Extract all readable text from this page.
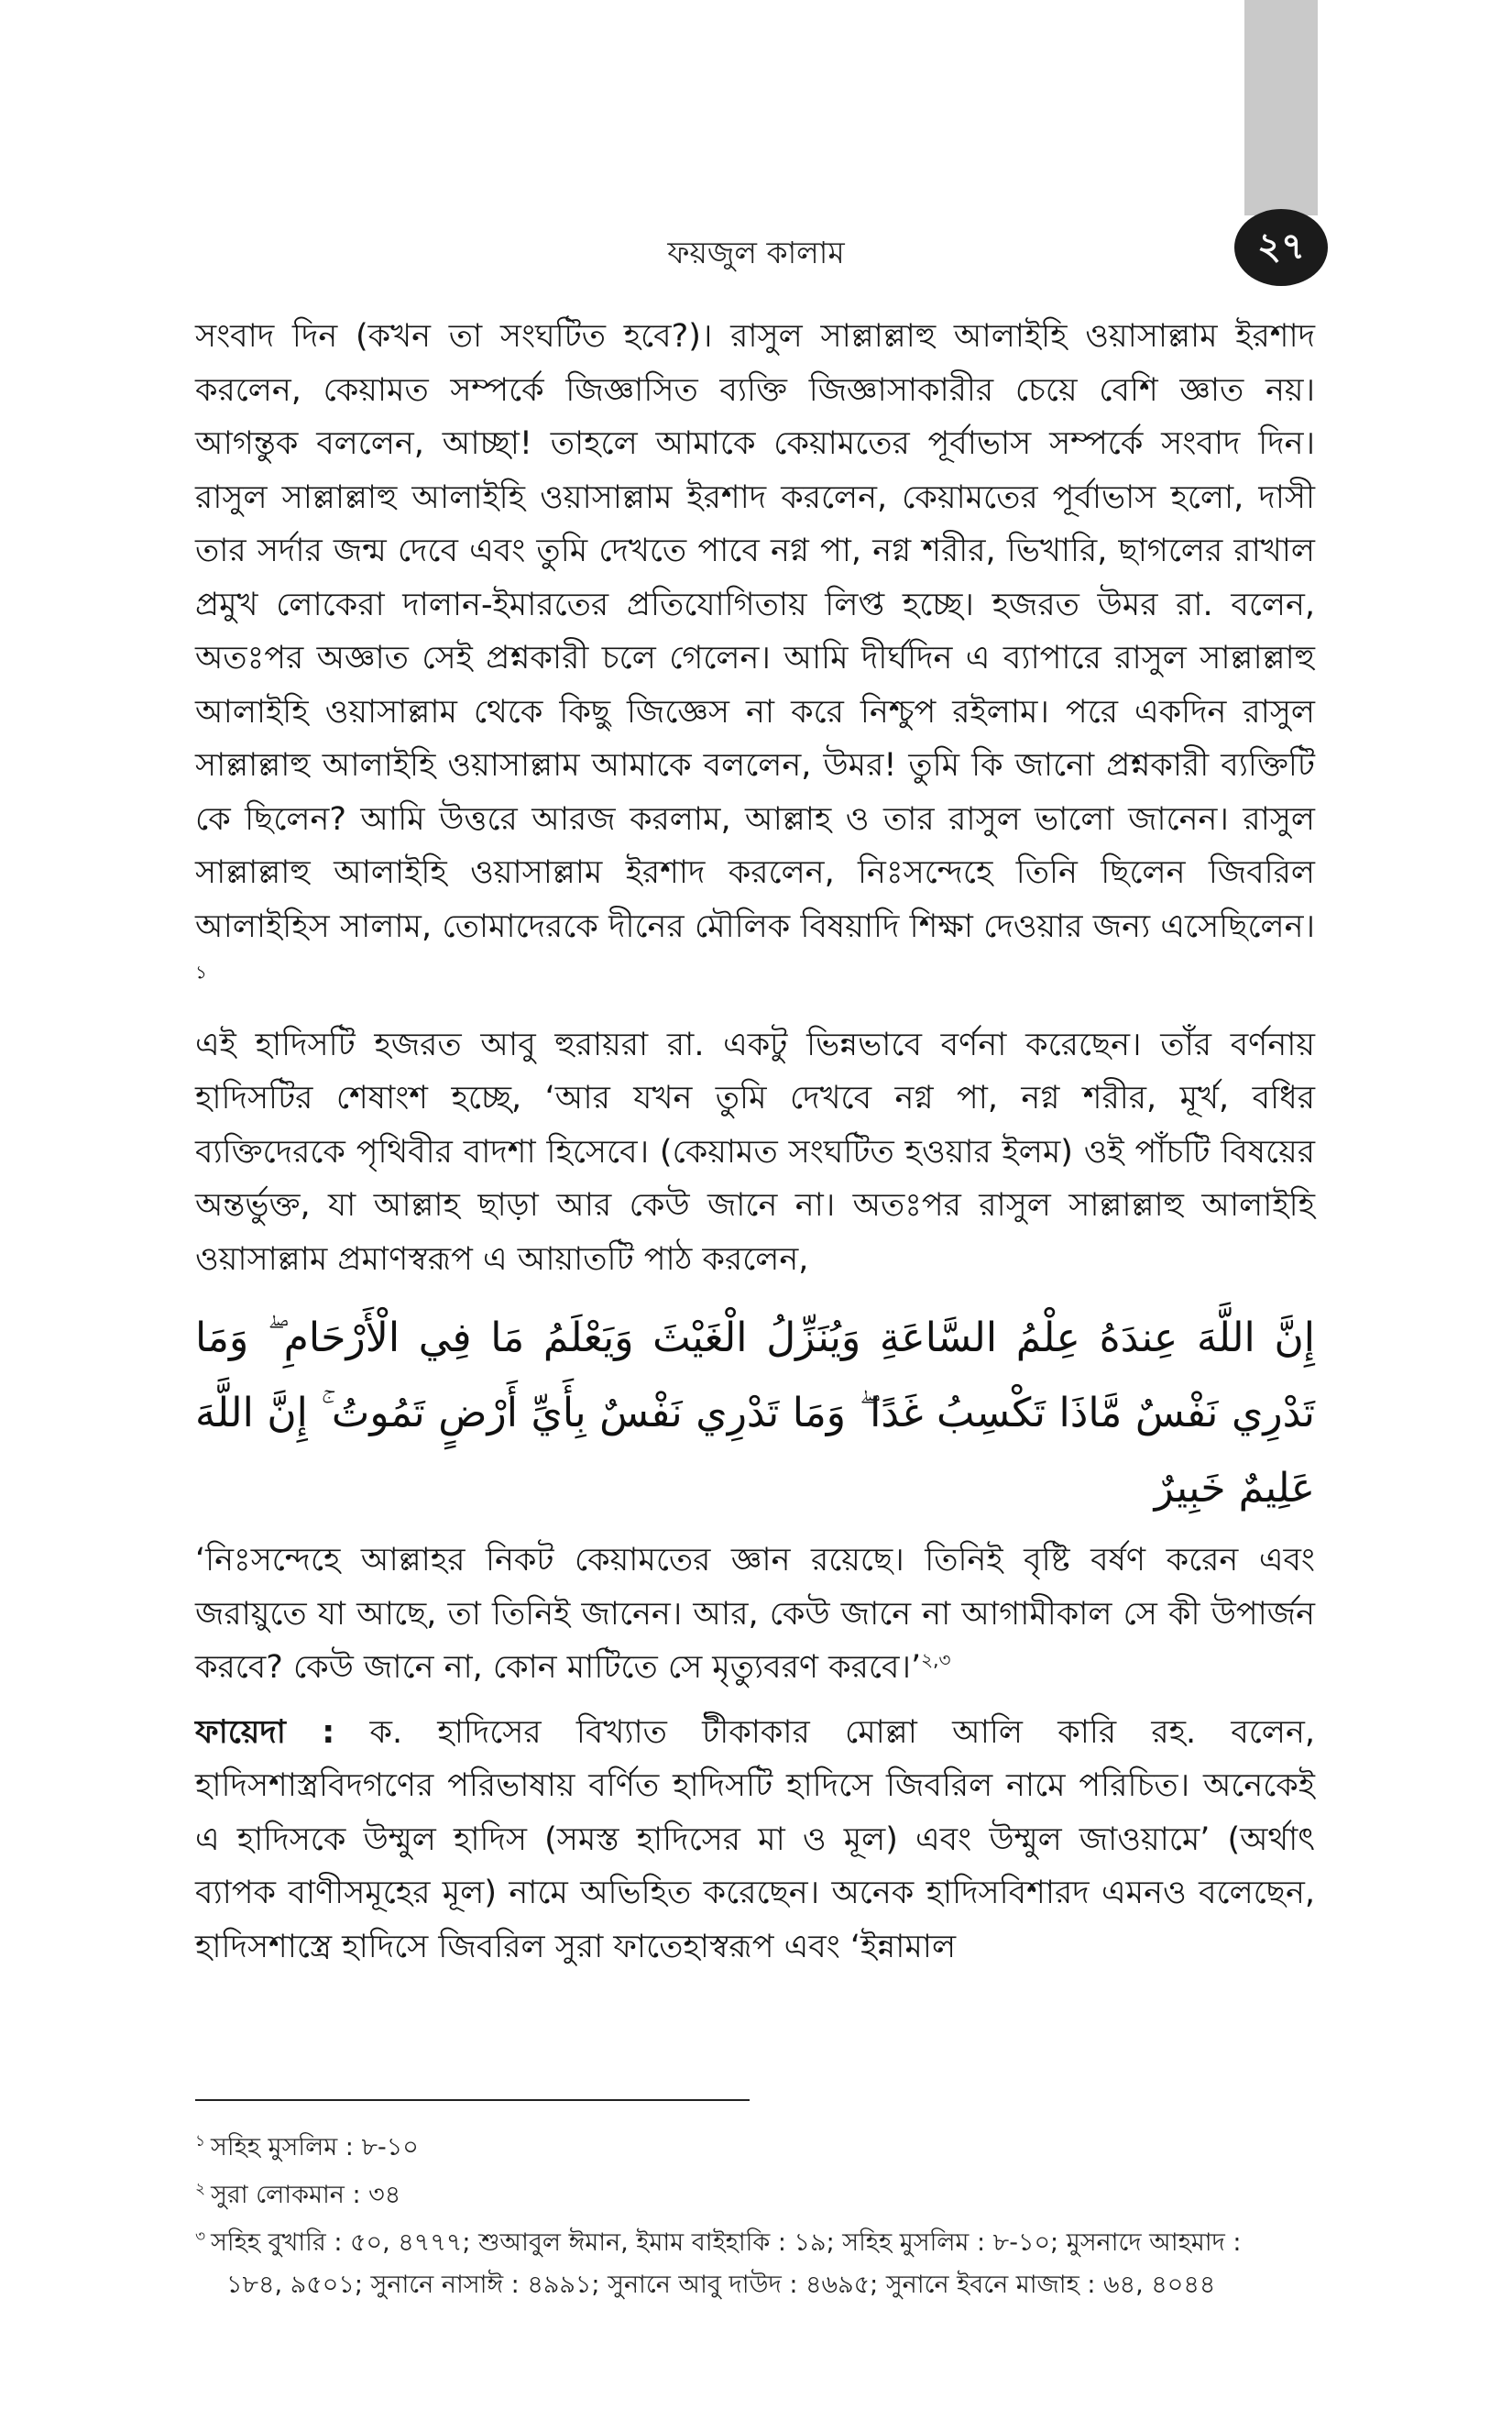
২৭
ফয়জুল কালাম

সংবাদ দিন (কখন তা সংঘটিত হবে?)। রাসুল সাল্লাল্লাহু আলাইহি ওয়াসাল্লাম ইরশাদ করলেন, কেয়ামত সম্পর্কে জিজ্ঞাসিত ব্যক্তি জিজ্ঞাসাকারীর চেয়ে বেশি জ্ঞাত নয়। আগন্তুক বললেন, আচ্ছা! তাহলে আমাকে কেয়ামতের পূর্বাভাস সম্পর্কে সংবাদ দিন। রাসুল সাল্লাল্লাহু আলাইহি ওয়াসাল্লাম ইরশাদ করলেন, কেয়ামতের পূর্বাভাস হলো, দাসী তার সর্দার জন্ম দেবে এবং তুমি দেখতে পাবে নগ্ন পা, নগ্ন শরীর, ভিখারি, ছাগলের রাখাল প্রমুখ লোকেরা দালান-ইমারতের প্রতিযোগিতায় লিপ্ত হচ্ছে। হজরত উমর রা. বলেন, অতঃপর অজ্ঞাত সেই প্রশ্নকারী চলে গেলেন। আমি দীর্ঘদিন এ ব্যাপারে রাসুল সাল্লাল্লাহু আলাইহি ওয়াসাল্লাম থেকে কিছু জিজ্ঞেস না করে নিশ্চুপ রইলাম। পরে একদিন রাসুল সাল্লাল্লাহু আলাইহি ওয়াসাল্লাম আমাকে বললেন, উমর! তুমি কি জানো প্রশ্নকারী ব্যক্তিটি কে ছিলেন? আমি উত্তরে আরজ করলাম, আল্লাহ ও তার রাসুল ভালো জানেন। রাসুল সাল্লাল্লাহু আলাইহি ওয়াসাল্লাম ইরশাদ করলেন, নিঃসন্দেহে তিনি ছিলেন জিবরিল আলাইহিস সালাম, তোমাদেরকে দীনের মৌলিক বিষয়াদি শিক্ষা দেওয়ার জন্য এসেছিলেন।$^১$

এই হাদিসটি হজরত আবু হুরায়রা রা. একটু ভিন্নভাবে বর্ণনা করেছেন। তাঁর বর্ণনায় হাদিসটির শেষাংশ হচ্ছে, ‘আর যখন তুমি দেখবে নগ্ন পা, নগ্ন শরীর, মূর্খ, বধির ব্যক্তিদেরকে পৃথিবীর বাদশা হিসেবে। (কেয়ামত সংঘটিত হওয়ার ইলম) ওই পাঁচটি বিষয়ের অন্তর্ভুক্ত, যা আল্লাহ ছাড়া আর কেউ জানে না। অতঃপর রাসুল সাল্লাল্লাহু আলাইহি ওয়াসাল্লাম প্রমাণস্বরূপ এ আয়াতটি পাঠ করলেন,

إِنَّ اللَّهَ عِندَهُ عِلْمُ السَّاعَةِ وَيُنَزِّلُ الْغَيْثَ وَيَعْلَمُ مَا فِي الْأَرْحَامِ ۖ وَمَا تَدْرِي نَفْسٌ مَّاذَا تَكْسِبُ غَدًا ۖ وَمَا تَدْرِي نَفْسٌ بِأَيِّ أَرْضٍ تَمُوتُ ۚ إِنَّ اللَّهَ عَلِيمٌ خَبِيرٌ

‘নিঃসন্দেহে আল্লাহর নিকট কেয়ামতের জ্ঞান রয়েছে। তিনিই বৃষ্টি বর্ষণ করেন এবং জরায়ুতে যা আছে, তা তিনিই জানেন। আর, কেউ জানে না আগামীকাল সে কী উপার্জন করবে? কেউ জানে না, কোন মাটিতে সে মৃত্যুবরণ করবে।’$^{২,৩}$

ফায়েদা : ক. হাদিসের বিখ্যাত টীকাকার মোল্লা আলি কারি রহ. বলেন, হাদিসশাস্ত্রবিদগণের পরিভাষায় বর্ণিত হাদিসটি হাদিসে জিবরিল নামে পরিচিত। অনেকেই এ হাদিসকে উম্মুল হাদিস (সমস্ত হাদিসের মা ও মূল) এবং উম্মুল জাওয়ামে’ (অর্থাৎ ব্যাপক বাণীসমূহের মূল) নামে অভিহিত করেছেন। অনেক হাদিসবিশারদ এমনও বলেছেন, হাদিসশাস্ত্রে হাদিসে জিবরিল সুরা ফাতেহাস্বরূপ এবং ‘ইন্নামাল

$^১$ সহিহ মুসলিম : ৮-১০
$^২$ সুরা লোকমান : ৩৪
$^৩$ সহিহ বুখারি : ৫০, ৪৭৭৭; শুআবুল ঈমান, ইমাম বাইহাকি : ১৯; সহিহ মুসলিম : ৮-১০; মুসনাদে আহমাদ :
১৮৪, ৯৫০১; সুনানে নাসাঈ : ৪৯৯১; সুনানে আবু দাউদ : ৪৬৯৫; সুনানে ইবনে মাজাহ : ৬৪, ৪০৪৪
